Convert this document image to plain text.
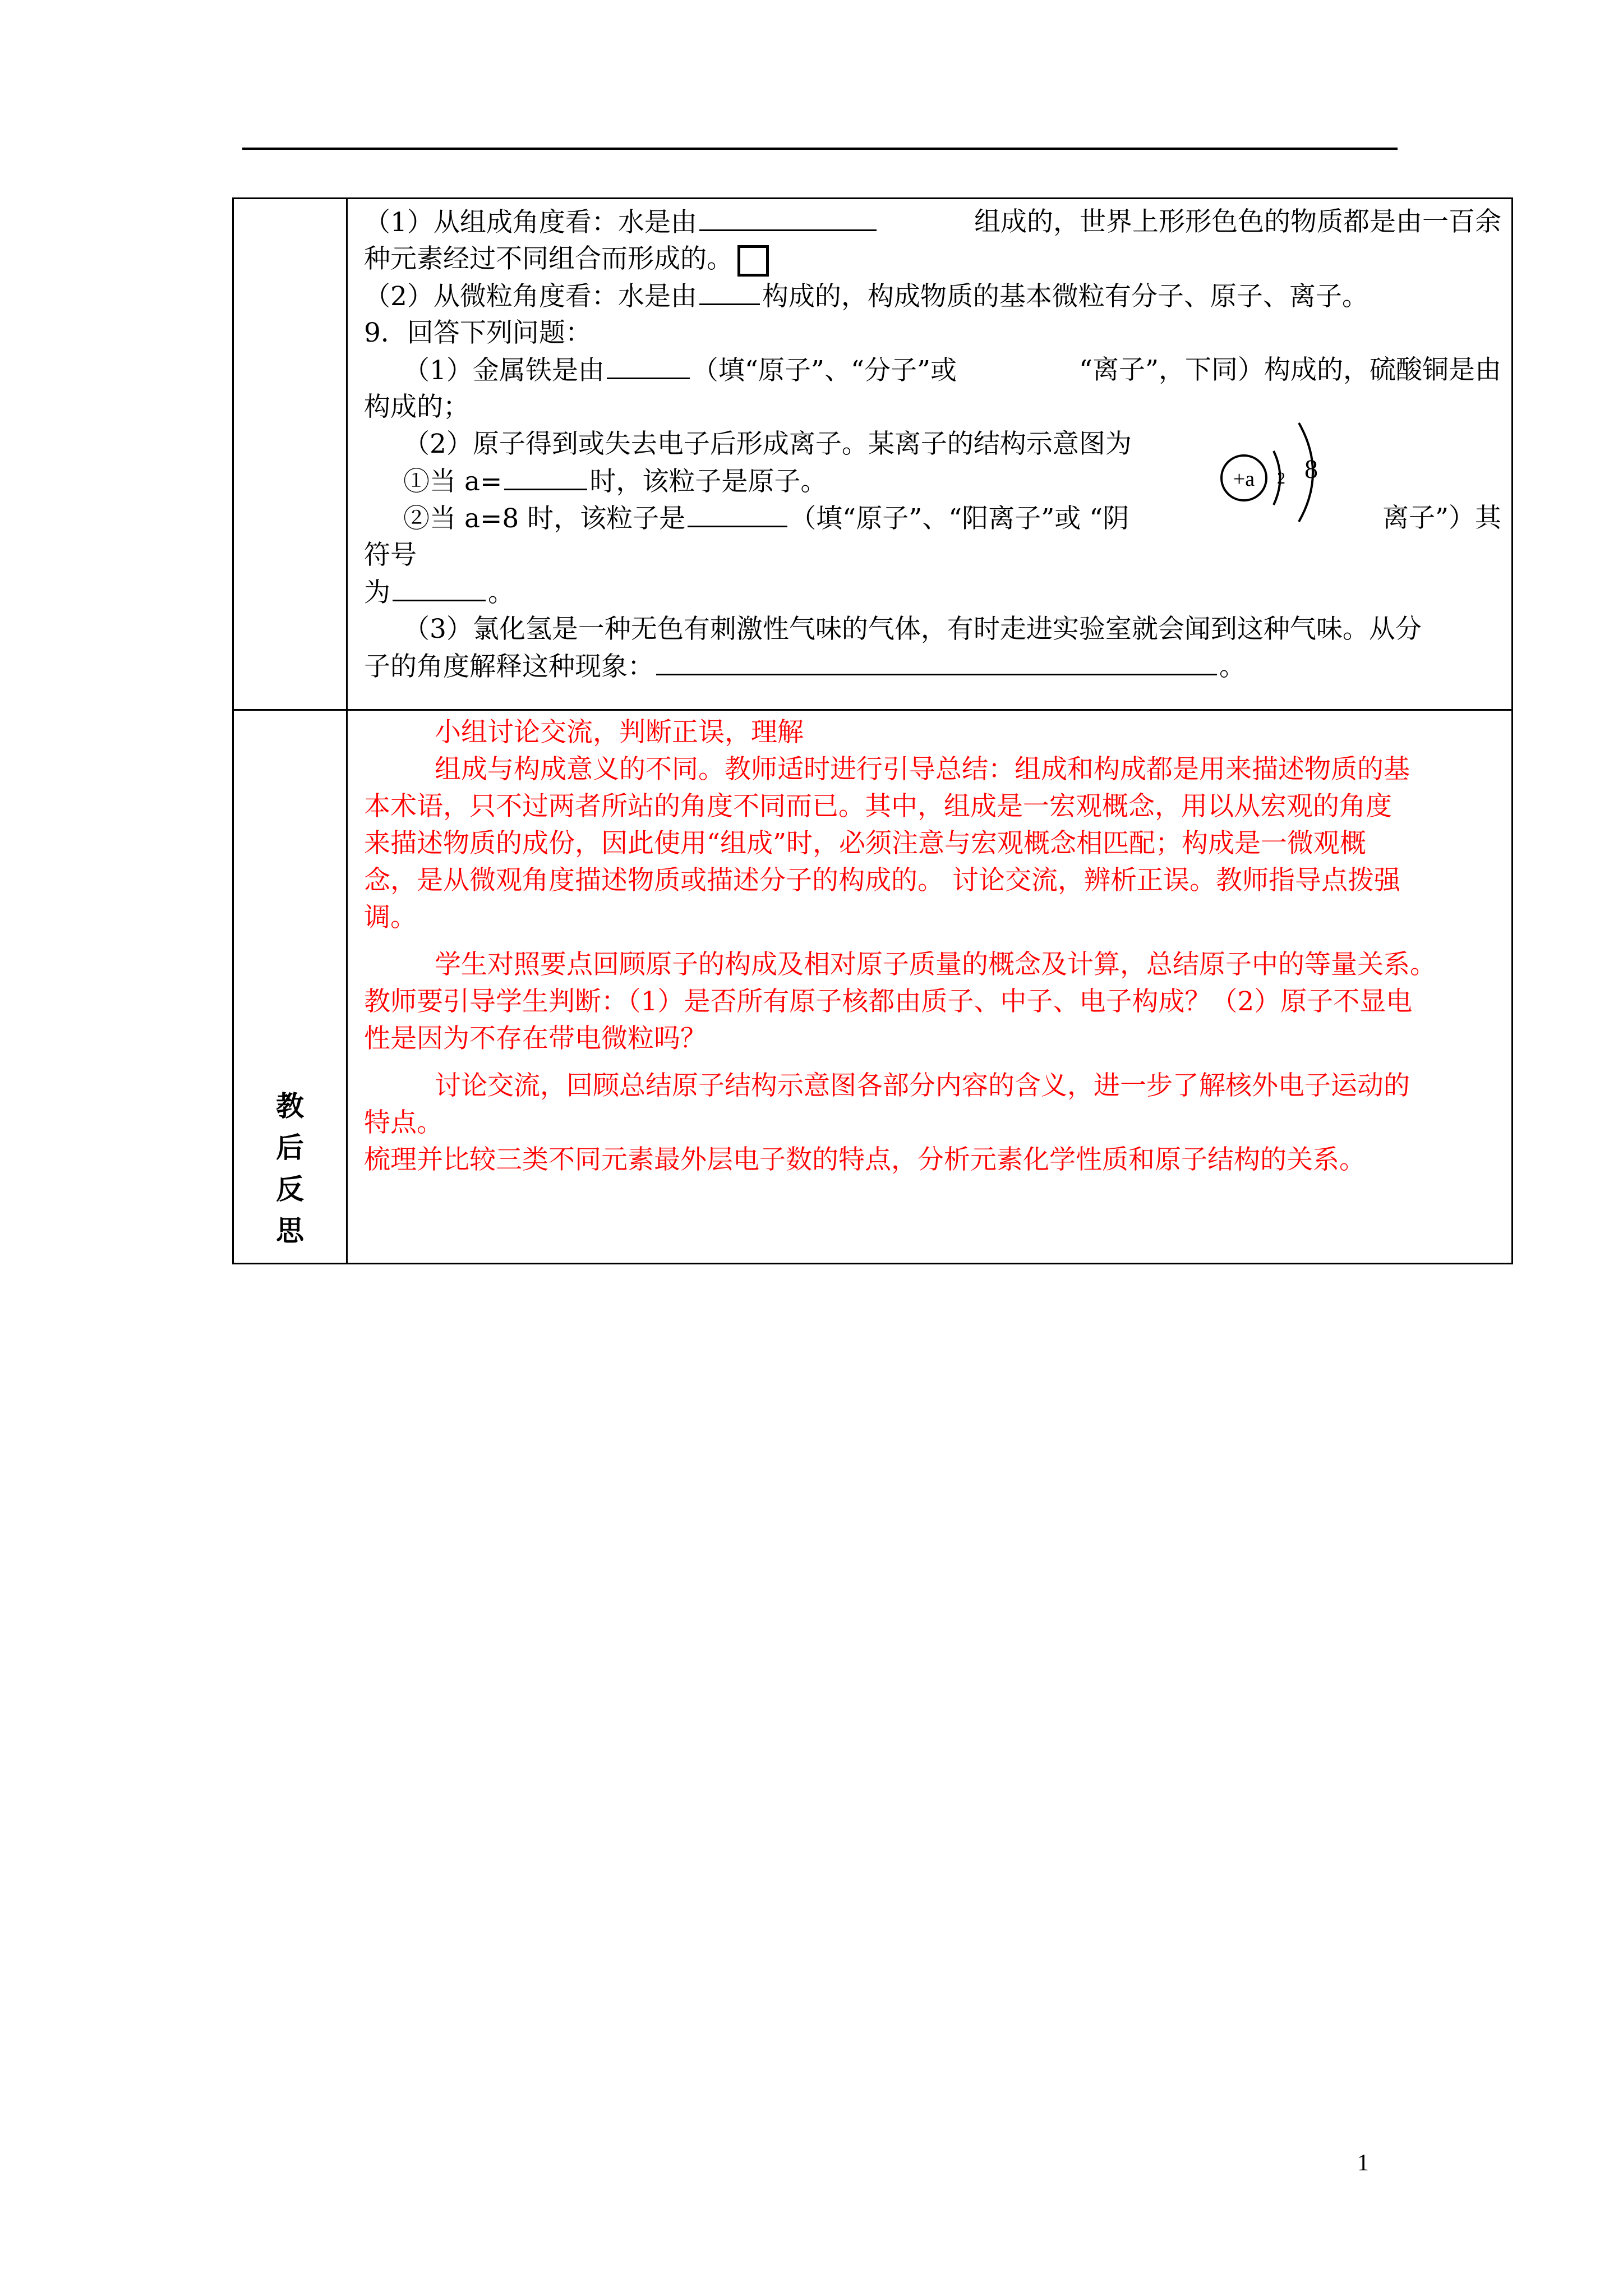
（1）从组成角度看：水是由	组成的，世界上形形色色的物质都是由一百余
种元素经过不同组合而形成的。
（2）从微粒角度看：水是由 构成的，构成物质的基本微粒有分子、原子、离子。
9．回答下列问题：
（1）金属铁是由	（填“原子”、“分子”或	“离子”，下同）构成的，硫酸铜是由
构成的；
（2）原子得到或失去电子后形成离子。某离子的结构示意图为
①当 a=	时，该粒子是原子。
②当 a=8 时，该粒子是	（填“原子”、“阳离子”或 “阴	离子”）其
符号
为	。
（3）氯化氢是一种无色有刺激性气味的气体，有时走进实验室就会闻到这种气味。从分
子的角度解释这种现象：	。
教
后
反
思
小组讨论交流，判断正误，理解
组成与构成意义的不同。教师适时进行引导总结：组成和构成都是用来描述物质的基
本术语，只不过两者所站的角度不同而已。其中，组成是一宏观概念，用以从宏观的角度
来描述物质的成份，因此使用“组成”时，必须注意与宏观概念相匹配；构成是一微观概
念，是从微观角度描述物质或描述分子的构成的。 讨论交流，辨析正误。教师指导点拨强
调。
学生对照要点回顾原子的构成及相对原子质量的概念及计算，总结原子中的等量关系。
教师要引导学生判断：（1）是否所有原子核都由质子、中子、电子构成？（2）原子不显电
性是因为不存在带电微粒吗？
讨论交流，回顾总结原子结构示意图各部分内容的含义，进一步了解核外电子运动的
特点。
梳理并比较三类不同元素最外层电子数的特点，分析元素化学性质和原子结构的关系。
+a 2 8
1
